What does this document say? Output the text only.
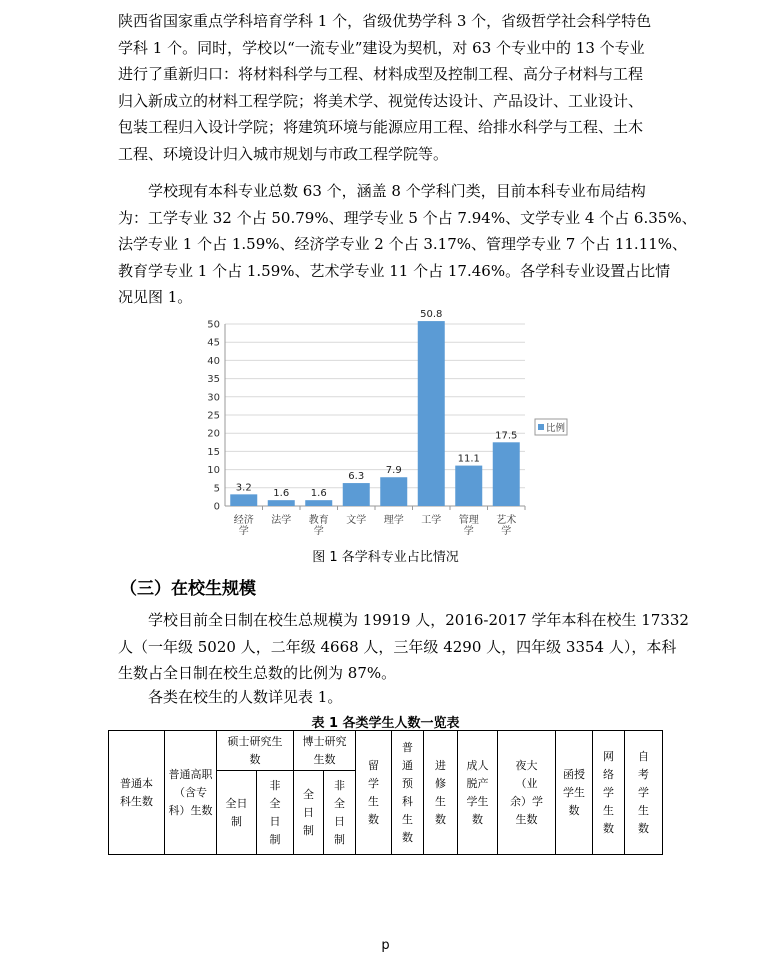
陕西省国家重点学科培育学科 1 个，省级优势学科 3 个，省级哲学社会科学特色
学科 1 个。同时，学校以“一流专业”建设为契机，对 63 个专业中的 13 个专业
进行了重新归口：将材料科学与工程、材料成型及控制工程、高分子材料与工程
归入新成立的材料工程学院；将美术学、视觉传达设计、产品设计、工业设计、
包装工程归入设计学院；将建筑环境与能源应用工程、给排水科学与工程、土木
工程、环境设计归入城市规划与市政工程学院等。
学校现有本科专业总数 63 个，涵盖 8 个学科门类，目前本科专业布局结构
为：工学专业 32 个占 50.79%、理学专业 5 个占 7.94%、文学专业 4 个占 6.35%、
法学专业 1 个占 1.59%、经济学专业 2 个占 3.17%、管理学专业 7 个占 11.11%、
教育学专业 1 个占 1.59%、艺术学专业 11 个占 17.46%。各学科专业设置占比情
况见图 1。
0
5
10
15
20
25
30
35
40
45
50
3.2
1.6 1.6
6.3
7.9
50.8
11.1
17.5
经济
学
法学 教育
学
文学 理学 工学 管理
学
艺术
学
比例
图 1 各学科专业占比情况
（三）在校生规模
学校目前全日制在校生总规模为 19919 人，2016-2017 学年本科在校生 17332
人（一年级 5020 人，二年级 4668 人，三年级 4290 人，四年级 3354 人），本科
生数占全日制在校生总数的比例为 87%。
各类在校生的人数详见表 1。
表 1 各类学生人数一览表
普通本科生数	普通高职（含专科）生数	硕士研究生数		博士研究生数		留学生数	普通预科生数	进修生数	成人脱产学生数	夜大（业余）学生数	函授学生数	网络学生数	自考学生数
		全日制	非全日制	全日制	非全日制								
p
